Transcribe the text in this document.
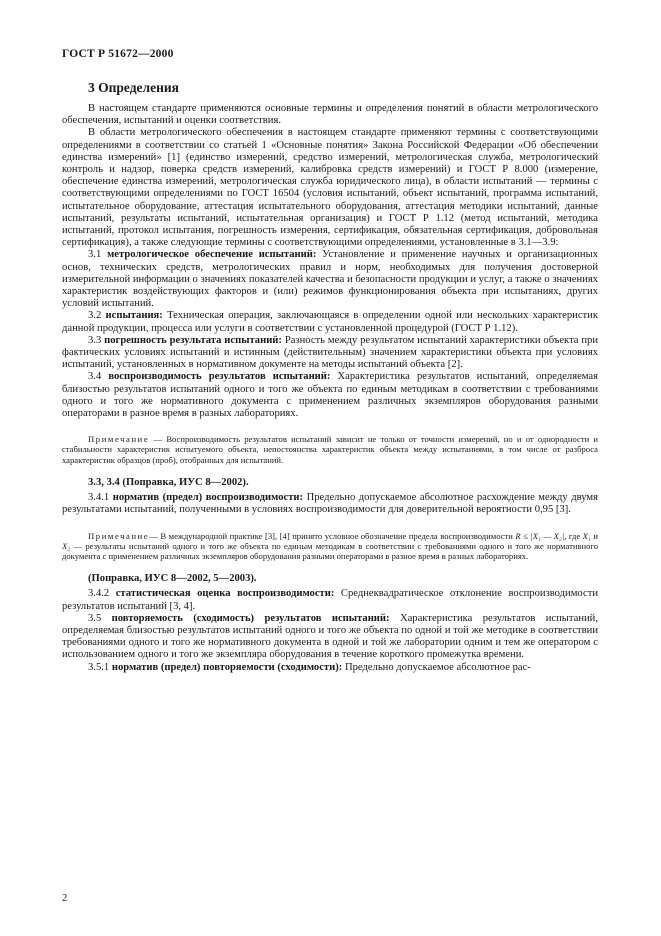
ГОСТ Р 51672—2000
3 Определения

В настоящем стандарте применяются основные термины и определения понятий в области метрологического обеспечения, испытаний и оценки соответствия.

В области метрологического обеспечения в настоящем стандарте применяют термины с соответствующими определениями в соответствии со статьей 1 «Основные понятия» Закона Российской Федерации «Об обеспечении единства измерений» [1] (единство измерений, средство измерений, метрологическая служба, метрологический контроль и надзор, поверка средств измерений, калибровка средств измерений) и ГОСТ Р 8.000 (измерение, обеспечение единства измерений, метрологическая служба юридического лица), в области испытаний — термины с соответствующими определениями по ГОСТ 16504 (условия испытаний, объект испытаний, программа испытаний, испытательное оборудование, аттестация испытательного оборудования, аттестация методики испытаний, данные испытаний, результаты испытаний, испытательная организация) и ГОСТ Р 1.12 (метод испытаний, методика испытаний, протокол испытания, погрешность измерения, сертификация, обязательная сертификация, добровольная сертификация), а также следующие термины с соответствующими определениями, установленные в 3.1—3.9:

3.1 метрологическое обеспечение испытаний: Установление и применение научных и организационных основ, технических средств, метрологических правил и норм, необходимых для получения достоверной измерительной информации о значениях показателей качества и безопасности продукции и услуг, а также о значениях характеристик воздействующих факторов и (или) режимов функционирования объекта при испытаниях, других условий испытаний.

3.2 испытания: Техническая операция, заключающаяся в определении одной или нескольких характеристик данной продукции, процесса или услуги в соответствии с установленной процедурой (ГОСТ Р 1.12).

3.3 погрешность результата испытаний: Разность между результатом испытаний характеристики объекта при фактических условиях испытаний и истинным (действительным) значением характеристики объекта при условиях испытаний, установленных в нормативном документе на методы испытаний объекта [2].

3.4 воспроизводимость результатов испытаний: Характеристика результатов испытаний, определяемая близостью результатов испытаний одного и того же объекта по единым методикам в соответствии с требованиями одного и того же нормативного документа с применением различных экземпляров оборудования разными операторами в разное время в разных лабораториях.

Примечание — Воспроизводимость результатов испытаний зависит не только от точности измерений, но и от однородности и стабильности характеристик испытуемого объекта, непостоянства характеристик объекта между испытаниями, в том числе от разброса характеристик образцов (проб), отобранных для испытаний.

3.3, 3.4 (Поправка, ИУС 8—2002).

3.4.1 норматив (предел) воспроизводимости: Предельно допускаемое абсолютное расхождение между двумя результатами испытаний, полученными в условиях воспроизводимости для доверительной вероятности 0,95 [3].

Примечание— В международной практике [3], [4] принято условное обозначение предела воспроизводимости R ≤ |X₁ — X₂|, где X₁ и X₂ — результаты испытаний одного и того же объекта по единым методикам в соответствии с требованиями одного и того же нормативного документа с применением различных экземпляров оборудования разными операторами в разное время в разных лабораториях.

(Поправка, ИУС 8—2002, 5—2003).

3.4.2 статистическая оценка воспроизводимости: Среднеквадратическое отклонение воспроизводимости результатов испытаний [3, 4].

3.5 повторяемость (сходимость) результатов испытаний: Характеристика результатов испытаний, определяемая близостью результатов испытаний одного и того же объекта по одной и той же методике в соответствии требованиями одного и того же нормативного документа в одной и той же лаборатории одним и тем же оператором с использованием одного и того же экземпляра оборудования в течение короткого промежутка времени.

3.5.1 норматив (предел) повторяемости (сходимости): Предельно допускаемое абсолютное рас-

2
